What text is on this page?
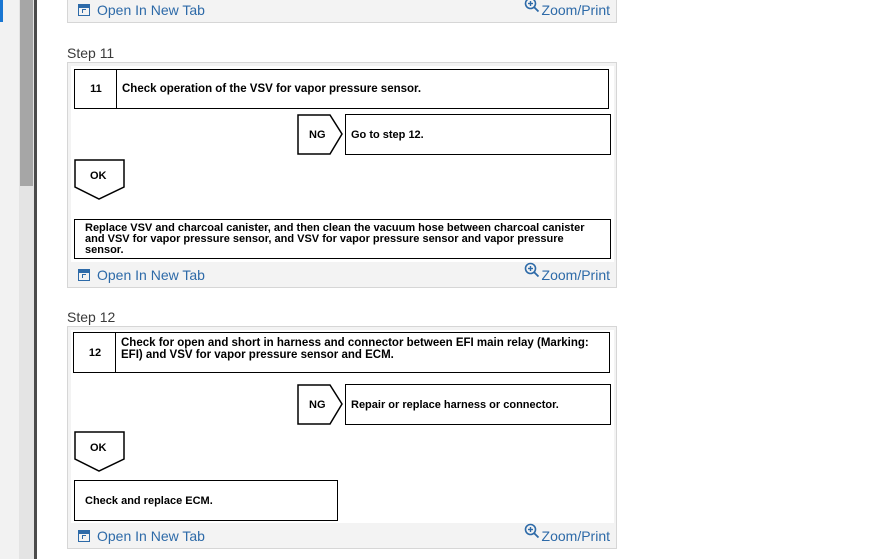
Open In New Tab	Zoom/Print
Step 11
11	Check operation of the VSV for vapor pressure sensor.
NG	Go to step 12.
OK
Replace VSV and charcoal canister, and then clean the vacuum hose between charcoal canister and VSV for vapor pressure sensor, and VSV for vapor pressure sensor and vapor pressure sensor.
Open In New Tab	Zoom/Print
Step 12
12
Check for open and short in harness and connector between EFI main relay (Marking: EFI) and VSV for vapor pressure sensor and ECM.
NG	Repair or replace harness or connector.
OK
Check and replace ECM.
Open In New Tab	Zoom/Print
